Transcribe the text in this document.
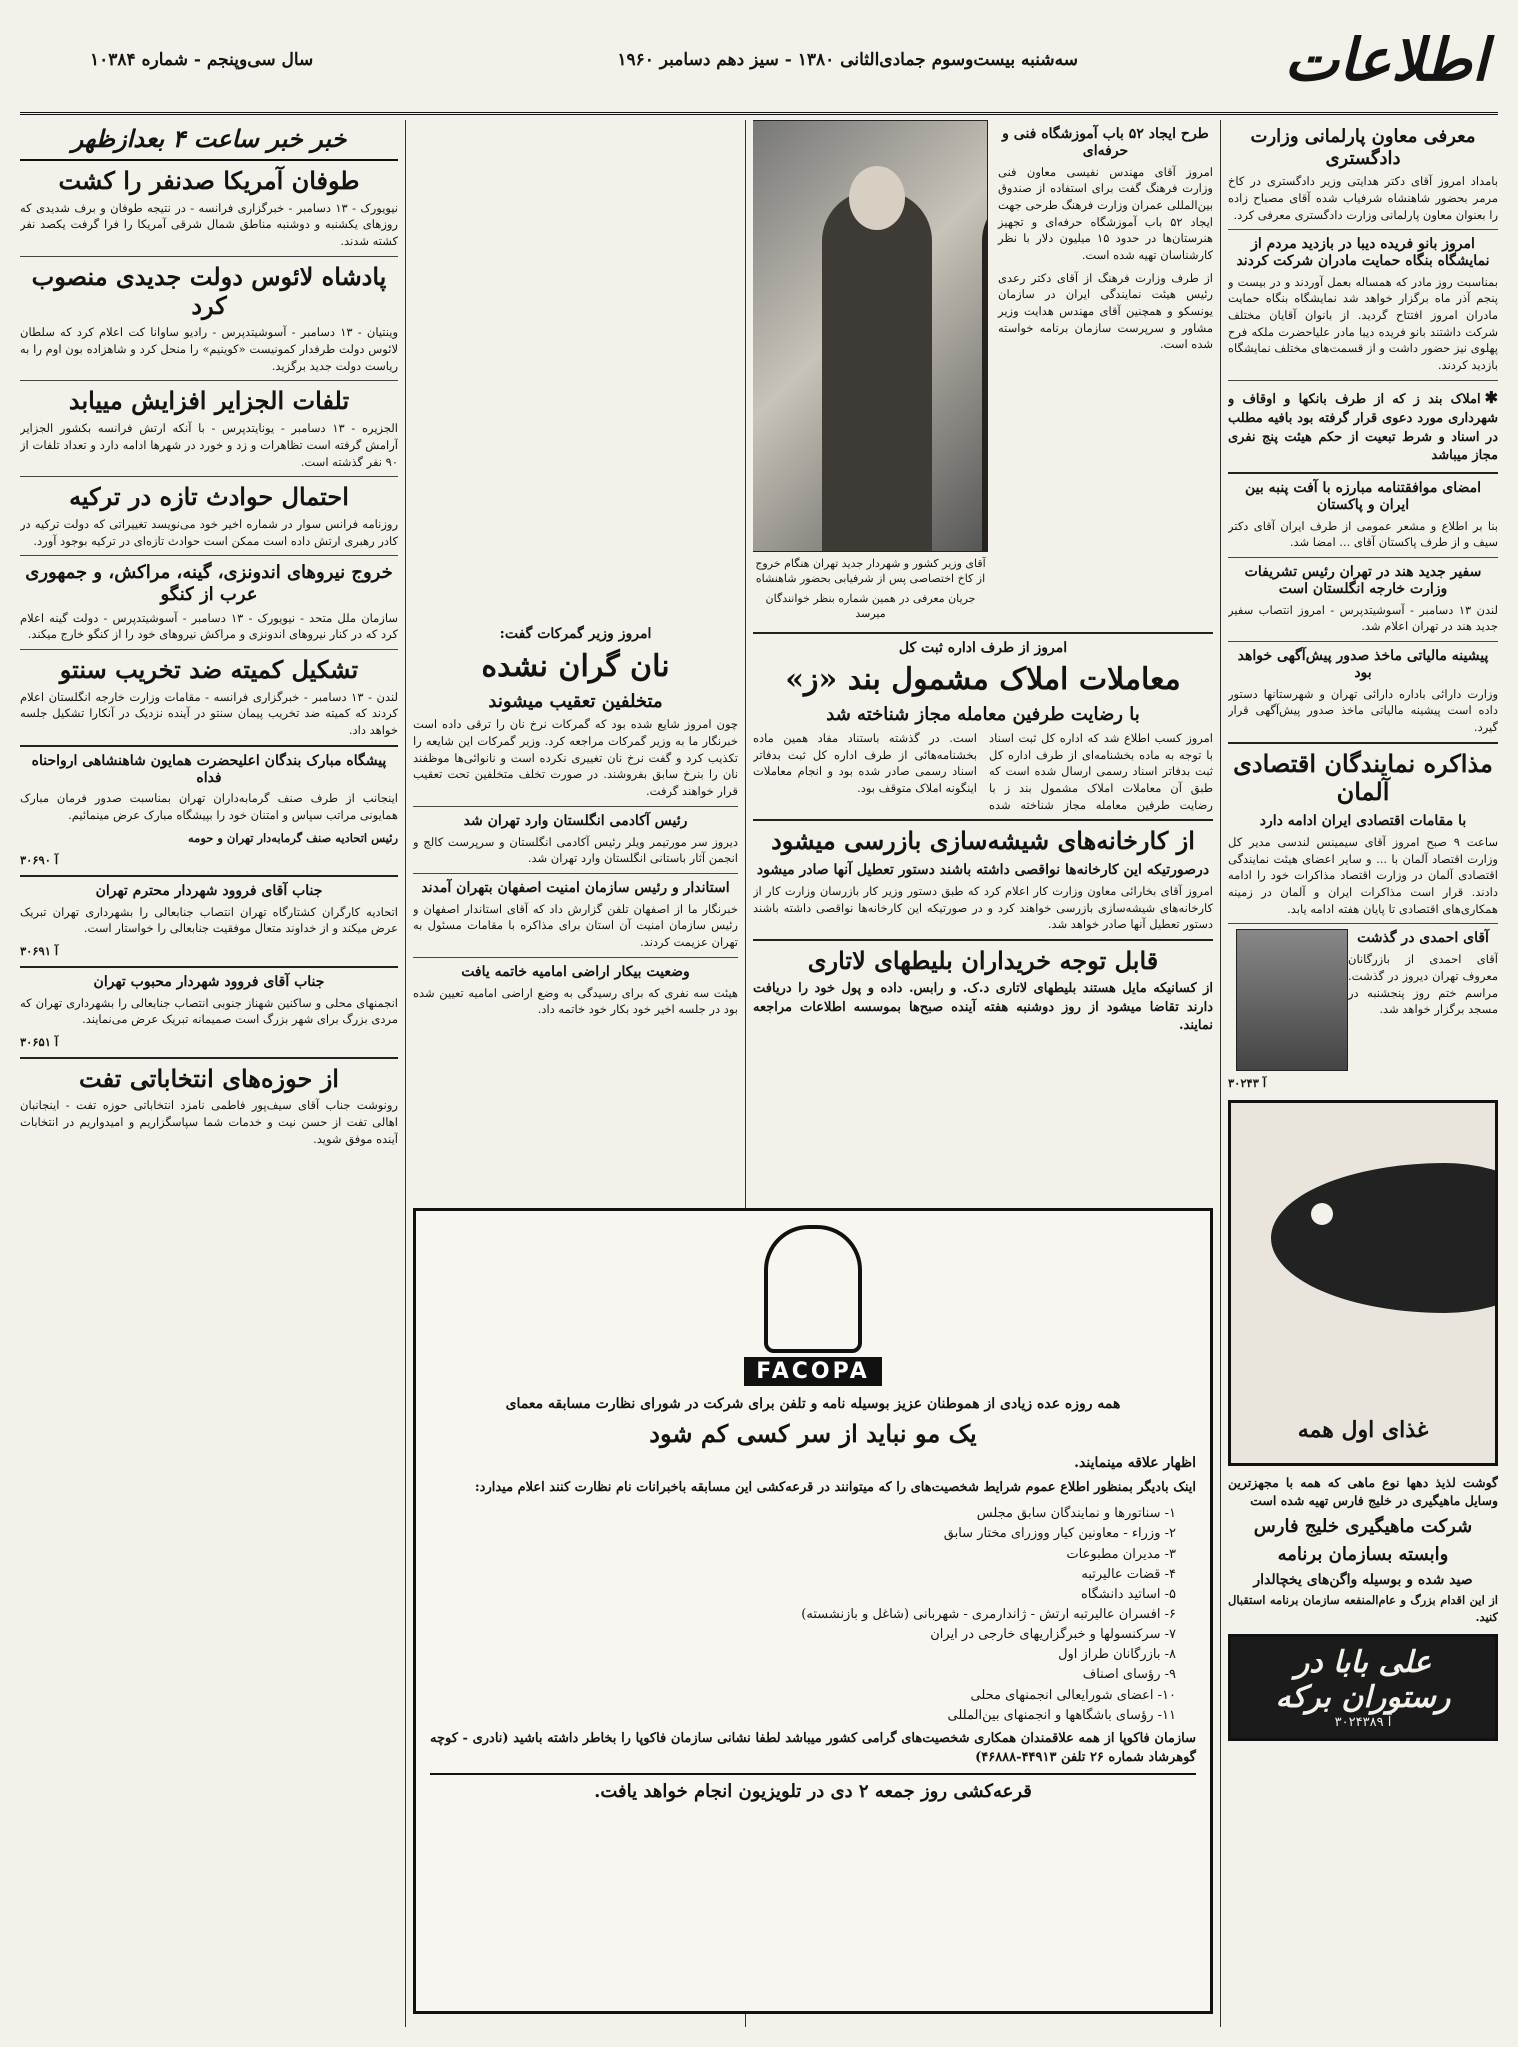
اطلاعات
سه‌شنبه بیست‌وسوم جمادی‌الثانی ۱۳۸۰ - سیز دهم دسامبر ۱۹۶۰
سال سی‌وپنجم - شماره ۱۰۳۸۴
معرفی معاون پارلمانی وزارت دادگستری

بامداد امروز آقای دکتر هدایتی وزیر دادگستری در کاخ مرمر بحضور شاهنشاه شرفیاب شده آقای مصباح زاده را بعنوان معاون پارلمانی وزارت دادگستری معرفی کرد.

امروز بانو فریده دیبا در بازدید مردم از نمایشگاه بنگاه حمایت مادران شرکت کردند

بمناسبت روز مادر که همساله بعمل آوردند و در بیست و پنجم آذر ماه برگزار خواهد شد نمایشگاه بنگاه حمایت مادران امروز افتتاح گردید. از بانوان آقایان مختلف شرکت داشتند بانو فریده دیبا مادر علیاحضرت ملکه فرح پهلوی نیز حضور داشت و از قسمت‌های مختلف نمایشگاه بازدید کردند.

✱املاک بند ز که از طرف بانکها و اوقاف و شهرداری مورد دعوی قرار گرفته بود بافیه مطلب در اسناد و شرط تبعیت از حکم هیئت پنج نفری مجاز میباشد

امضای موافقتنامه مبارزه با آفت پنبه بین ایران و پاکستان

بنا بر اطلاع و مشعر عمومی از طرف ایران آقای دکتر سیف و از طرف پاکستان آقای ... امضا شد.

سفیر جدید هند در تهران رئیس تشریفات وزارت خارجه انگلستان است

لندن ۱۳ دسامبر - آسوشیتدپرس - امروز انتصاب سفیر جدید هند در تهران اعلام شد.

پیشینه مالیاتی ماخذ صدور پیش‌آگهی خواهد بود

وزارت دارائی باداره دارائی تهران و شهرستانها دستور داده است پیشینه مالیاتی ماخذ صدور پیش‌آگهی قرار گیرد.

مذاکره نمایندگان اقتصادی آلمان
با مقامات اقتصادی ایران ادامه دارد

ساعت ۹ صبح امروز آقای سیمینس لندسی مدیر کل وزارت اقتصاد آلمان با ... و سایر اعضای هیئت نمایندگی اقتصادی آلمان در وزارت اقتصاد مذاکرات خود را ادامه دادند. قرار است مذاکرات ایران و آلمان در زمینه همکاری‌های اقتصادی تا پایان هفته ادامه یابد.

آقای احمدی در گذشت

آقای احمدی از بازرگانان معروف تهران دیروز در گذشت. مراسم ختم روز پنجشنبه در مسجد برگزار خواهد شد.

آ ۳۰۲۴۳

غذای اول همه

گوشت لذیذ دهها نوع ماهی که همه با مجهزترین وسایل ماهیگیری در خلیج فارس تهیه شده است

شرکت ماهیگیری خلیج فارس
وابسته بسازمان برنامه
صید شده و بوسیله واگن‌های یخچالدار

از این اقدام بزرگ و عام‌المنفعه سازمان برنامه استقبال کنید.

علی بابا در رستوران برکه
آ ۳۰۲۴۳۸۹
طرح ایجاد ۵۲ باب آموزشگاه فنی و حرفه‌ای

امروز آقای مهندس نفیسی معاون فنی وزارت فرهنگ گفت برای استفاده از صندوق بین‌المللی عمران وزارت فرهنگ طرحی جهت ایجاد ۵۲ باب آموزشگاه حرفه‌ای و تجهیز هنرستان‌ها در حدود ۱۵ میلیون دلار با نظر کارشناسان تهیه شده است.

از طرف وزارت فرهنگ از آقای دکتر رعدی رئیس هیئت نمایندگی ایران در سازمان یونسکو و همچنین آقای مهندس هدایت وزیر مشاور و سرپرست سازمان برنامه خواسته شده است.

آقای وزیر کشور و شهردار جدید تهران هنگام خروج از کاخ اختصاصی پس از شرفیابی بحضور شاهنشاه
جریان معرفی در همین شماره بنظر خوانندگان میرسد
امروز از طرف اداره ثبت کل
معاملات املاک مشمول بند «ز»
با رضایت طرفین معامله مجاز شناخته شد

امروز کسب اطلاع شد که اداره کل ثبت اسناد با توجه به ماده بخشنامه‌ای از طرف اداره کل ثبت بدفاتر اسناد رسمی ارسال شده است که طبق آن معاملات املاک مشمول بند ز با رضایت طرفین معامله مجاز شناخته شده است. در گذشته باستناد مفاد همین ماده بخشنامه‌هائی از طرف اداره کل ثبت بدفاتر اسناد رسمی صادر شده بود و انجام معاملات اینگونه املاک متوقف بود.

از کارخانه‌های شیشه‌سازی بازرسی میشود
درصورتیکه این کارخانه‌ها نواقصی داشته باشند دستور تعطیل آنها صادر میشود

امروز آقای بخارائی معاون وزارت کار اعلام کرد که طبق دستور وزیر کار بازرسان وزارت کار از کارخانه‌های شیشه‌سازی بازرسی خواهند کرد و در صورتیکه این کارخانه‌ها نواقصی داشته باشند دستور تعطیل آنها صادر خواهد شد.

قابل توجه خریداران بلیطهای لاتاری

از کسانیکه مایل هستند بلیطهای لاتاری د.ک. و رابس. داده و پول خود را دریافت دارند تقاضا میشود از روز دوشنبه هفته آینده صبح‌ها بموسسه اطلاعات مراجعه نمایند.

امروز وزیر گمرکات گفت:
نان گران نشده
متخلفین تعقیب میشوند

چون امروز شایع شده بود که گمرکات نرخ نان را ترقی داده است خبرنگار ما به وزیر گمرکات مراجعه کرد. وزیر گمرکات این شایعه را تکذیب کرد و گفت نرخ نان تغییری نکرده است و نانوائی‌ها موظفند نان را بنرخ سابق بفروشند. در صورت تخلف متخلفین تحت تعقیب قرار خواهند گرفت.

رئیس آکادمی انگلستان وارد تهران شد

دیروز سر مورتیمر ویلر رئیس آکادمی انگلستان و سرپرست کالج و انجمن آثار باستانی انگلستان وارد تهران شد.

استاندار و رئیس سازمان امنیت اصفهان بتهران آمدند

خبرنگار ما از اصفهان تلفن گزارش داد که آقای استاندار اصفهان و رئیس سازمان امنیت آن استان برای مذاکره با مقامات مسئول به تهران عزیمت کردند.

وضعیت بیکار اراضی امامیه خاتمه یافت

هیئت سه نفری که برای رسیدگی به وضع اراضی امامیه تعیین شده بود در جلسه اخیر خود بکار خود خاتمه داد.

FACOPA

همه روزه عده زیادی از هموطنان عزیز بوسیله نامه و تلفن برای شرکت در شورای نظارت مسابقه معمای

یک مو نباید از سر کسی کم شود

اظهار علاقه مینمایند.

اینک بادیگر بمنظور اطلاع عموم شرایط شخصیت‌های را که میتوانند در قرعه‌کشی این مسابقه باخبرانات نام نظارت کنند اعلام میدارد:

۱- سناتورها و نمایندگان سابق مجلس
۲- وزراء - معاونین کیار ووزرای مختار سابق
۳- مدیران مطبوعات
۴- قضات عالیرتبه
۵- اساتید دانشگاه
۶- افسران عالیرتبه ارتش - ژاندارمری - شهربانی (شاغل و بازنشسته)
۷- سرکنسولها و خبرگزاریهای خارجی در ایران
۸- بازرگانان طراز اول
۹- رؤسای اصناف
۱۰- اعضای شورایعالی انجمنهای محلی
۱۱- رؤسای باشگاهها و انجمنهای بین‌المللی

سازمان فاکوپا از همه علاقمندان همکاری شخصیت‌های گرامی کشور میباشد لطفا نشانی سازمان فاکوپا را بخاطر داشته باشید (نادری - کوچه گوهرشاد شماره ۲۶ تلفن ۴۴۹۱۳-۴۶۸۸۸)

قرعه‌کشی روز جمعه ۲ دی در تلویزیون انجام خواهد یافت.
خبر خبر ساعت ۴ بعدازظهر
طوفان آمریکا صدنفر را کشت

نیویورک - ۱۳ دسامبر - خبرگزاری فرانسه - در نتیجه طوفان و برف شدیدی که روزهای یکشنبه و دوشنبه مناطق شمال شرقی آمریکا را فرا گرفت یکصد نفر کشته شدند.

پادشاه لائوس دولت جدیدی منصوب کرد

وینتیان - ۱۳ دسامبر - آسوشیتدپرس - رادیو ساوانا کت اعلام کرد که سلطان لائوس دولت طرفدار کمونیست «کوینیم» را منحل کرد و شاهزاده بون اوم را به ریاست دولت جدید برگزید.

تلفات الجزایر افزایش مییابد

الجزیره - ۱۳ دسامبر - یونایتدپرس - با آنکه ارتش فرانسه بکشور الجزایر آرامش گرفته است تظاهرات و زد و خورد در شهرها ادامه دارد و تعداد تلفات از ۹۰ نفر گذشته است.

احتمال حوادث تازه در ترکیه

روزنامه فرانس سوار در شماره اخیر خود می‌نویسد تغییراتی که دولت ترکیه در کادر رهبری ارتش داده است ممکن است حوادث تازه‌ای در ترکیه بوجود آورد.

خروج نیروهای اندونزی، گینه، مراکش، و جمهوری عرب از کنگو

سازمان ملل متحد - نیویورک - ۱۳ دسامبر - آسوشیتدپرس - دولت گینه اعلام کرد که در کنار نیروهای اندونزی و مراکش نیروهای خود را از کنگو خارج میکند.

تشکیل کمیته ضد تخریب سنتو

لندن - ۱۳ دسامبر - خبرگزاری فرانسه - مقامات وزارت خارجه انگلستان اعلام کردند که کمیته ضد تخریب پیمان سنتو در آینده نزدیک در آنکارا تشکیل جلسه خواهد داد.

پیشگاه مبارک بندگان اعلیحضرت همایون شاهنشاهی ارواحناه فداه

اینجانب از طرف صنف گرمابه‌داران تهران بمناسبت صدور فرمان مبارک همایونی مراتب سپاس و امتنان خود را بپیشگاه مبارک عرض مینمائیم.

رئیس اتحادیه صنف گرمابه‌دار تهران و حومه

آ ۳۰۶۹۰

جناب آقای فروود شهردار محترم تهران

اتحادیه کارگران کشتارگاه تهران انتصاب جنابعالی را بشهرداری تهران تبریک عرض میکند و از خداوند متعال موفقیت جنابعالی را خواستار است.

آ ۳۰۶۹۱

جناب آقای فروود شهردار محبوب تهران

انجمنهای محلی و ساکنین شهناز جنوبی انتصاب جنابعالی را بشهرداری تهران که مردی بزرگ برای شهر بزرگ است صمیمانه تبریک عرض می‌نمایند.

آ ۳۰۶۵۱

از حوزه‌های انتخاباتی تفت

رونوشت جناب آقای سیف‌پور فاطمی نامزد انتخاباتی حوزه تفت - اینجانبان اهالی تفت از حسن نیت و خدمات شما سپاسگزاریم و امیدواریم در انتخابات آینده موفق شوید.
